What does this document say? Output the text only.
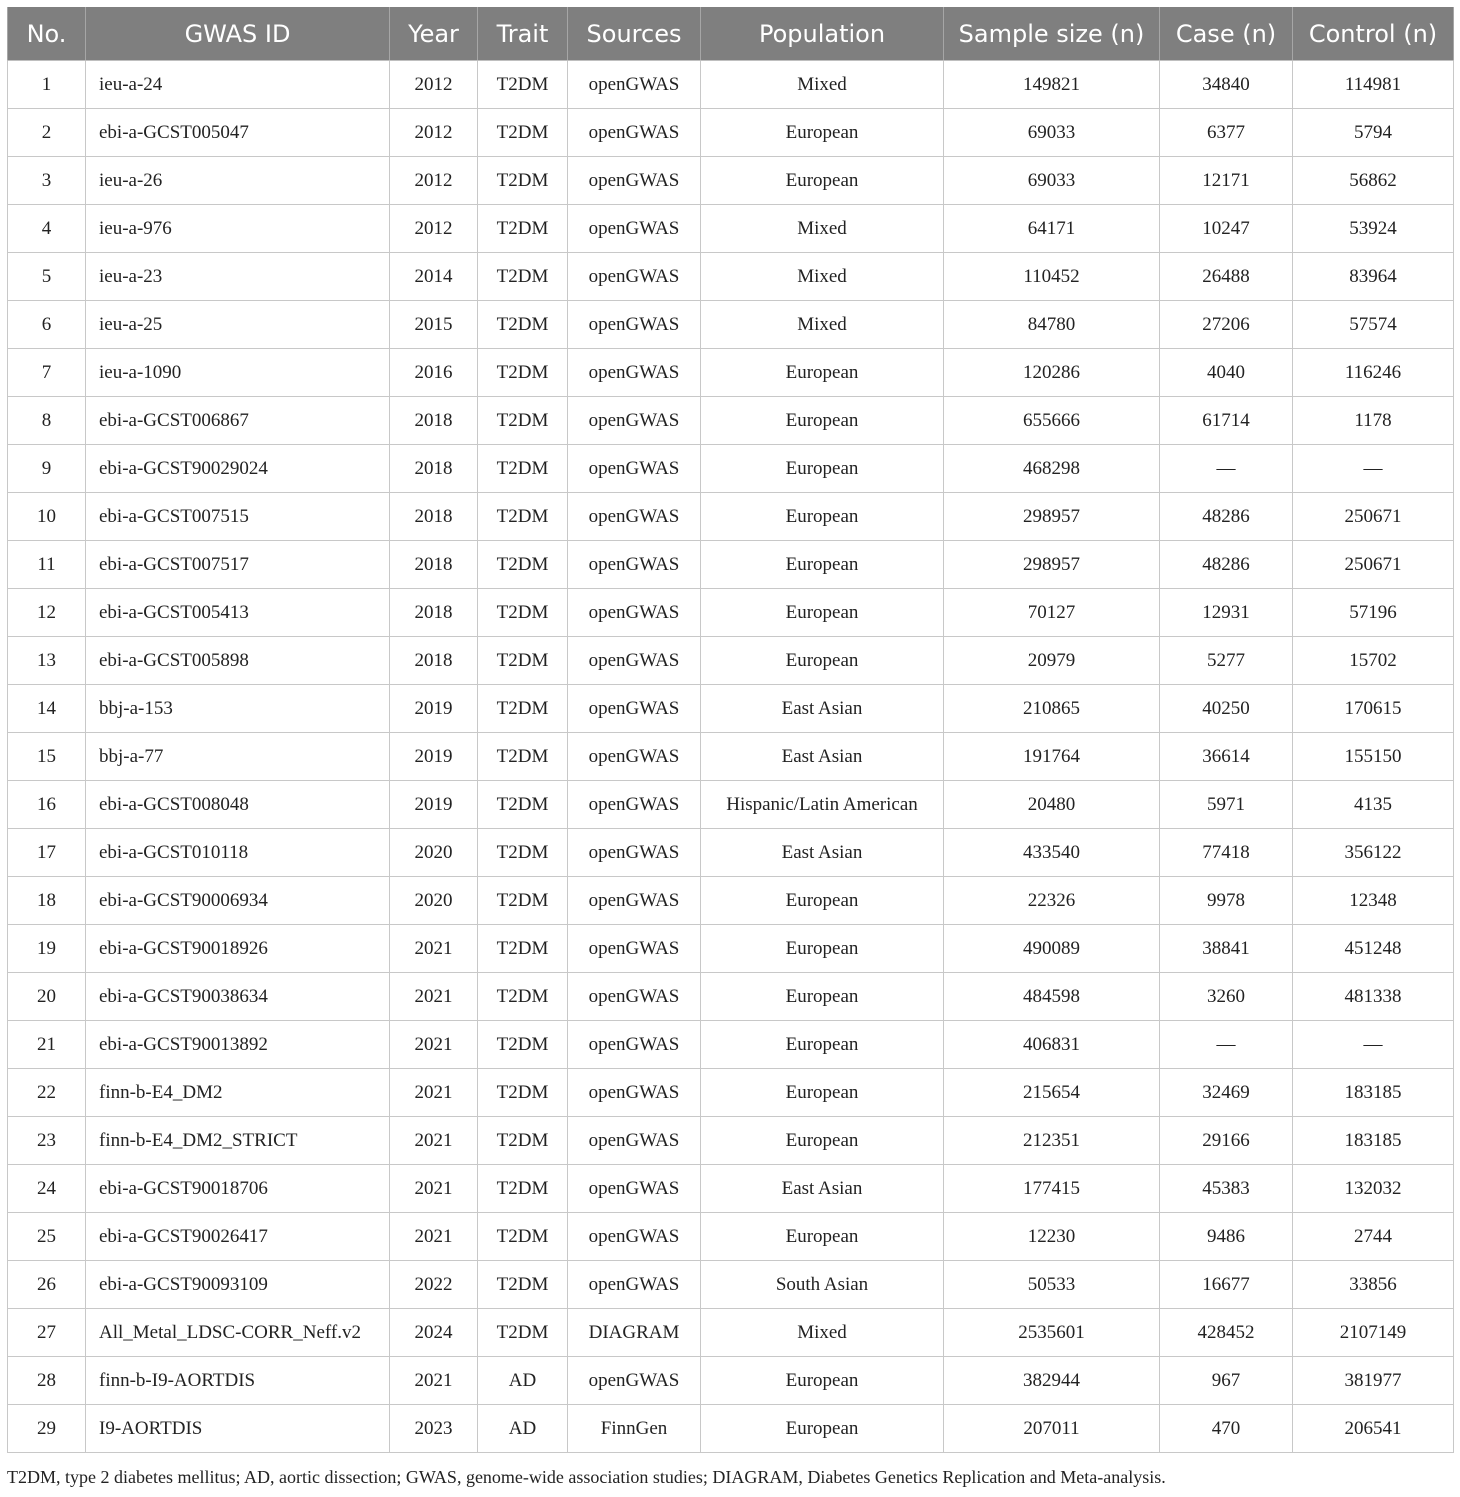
No.	GWAS ID	Year	Trait	Sources	Population	Sample size (n)	Case (n)	Control (n)
1	ieu-a-24	2012	T2DM	openGWAS	Mixed	149821	34840	114981
2	ebi-a-GCST005047	2012	T2DM	openGWAS	European	69033	6377	5794
3	ieu-a-26	2012	T2DM	openGWAS	European	69033	12171	56862
4	ieu-a-976	2012	T2DM	openGWAS	Mixed	64171	10247	53924
5	ieu-a-23	2014	T2DM	openGWAS	Mixed	110452	26488	83964
6	ieu-a-25	2015	T2DM	openGWAS	Mixed	84780	27206	57574
7	ieu-a-1090	2016	T2DM	openGWAS	European	120286	4040	116246
8	ebi-a-GCST006867	2018	T2DM	openGWAS	European	655666	61714	1178
9	ebi-a-GCST90029024	2018	T2DM	openGWAS	European	468298	—	—
10	ebi-a-GCST007515	2018	T2DM	openGWAS	European	298957	48286	250671
11	ebi-a-GCST007517	2018	T2DM	openGWAS	European	298957	48286	250671
12	ebi-a-GCST005413	2018	T2DM	openGWAS	European	70127	12931	57196
13	ebi-a-GCST005898	2018	T2DM	openGWAS	European	20979	5277	15702
14	bbj-a-153	2019	T2DM	openGWAS	East Asian	210865	40250	170615
15	bbj-a-77	2019	T2DM	openGWAS	East Asian	191764	36614	155150
16	ebi-a-GCST008048	2019	T2DM	openGWAS	Hispanic/Latin American	20480	5971	4135
17	ebi-a-GCST010118	2020	T2DM	openGWAS	East Asian	433540	77418	356122
18	ebi-a-GCST90006934	2020	T2DM	openGWAS	European	22326	9978	12348
19	ebi-a-GCST90018926	2021	T2DM	openGWAS	European	490089	38841	451248
20	ebi-a-GCST90038634	2021	T2DM	openGWAS	European	484598	3260	481338
21	ebi-a-GCST90013892	2021	T2DM	openGWAS	European	406831	—	—
22	finn-b-E4_DM2	2021	T2DM	openGWAS	European	215654	32469	183185
23	finn-b-E4_DM2_STRICT	2021	T2DM	openGWAS	European	212351	29166	183185
24	ebi-a-GCST90018706	2021	T2DM	openGWAS	East Asian	177415	45383	132032
25	ebi-a-GCST90026417	2021	T2DM	openGWAS	European	12230	9486	2744
26	ebi-a-GCST90093109	2022	T2DM	openGWAS	South Asian	50533	16677	33856
27	All_Metal_LDSC-CORR_Neff.v2	2024	T2DM	DIAGRAM	Mixed	2535601	428452	2107149
28	finn-b-I9-AORTDIS	2021	AD	openGWAS	European	382944	967	381977
29	I9-AORTDIS	2023	AD	FinnGen	European	207011	470	206541
T2DM, type 2 diabetes mellitus; AD, aortic dissection; GWAS, genome-wide association studies; DIAGRAM, Diabetes Genetics Replication and Meta-analysis.
